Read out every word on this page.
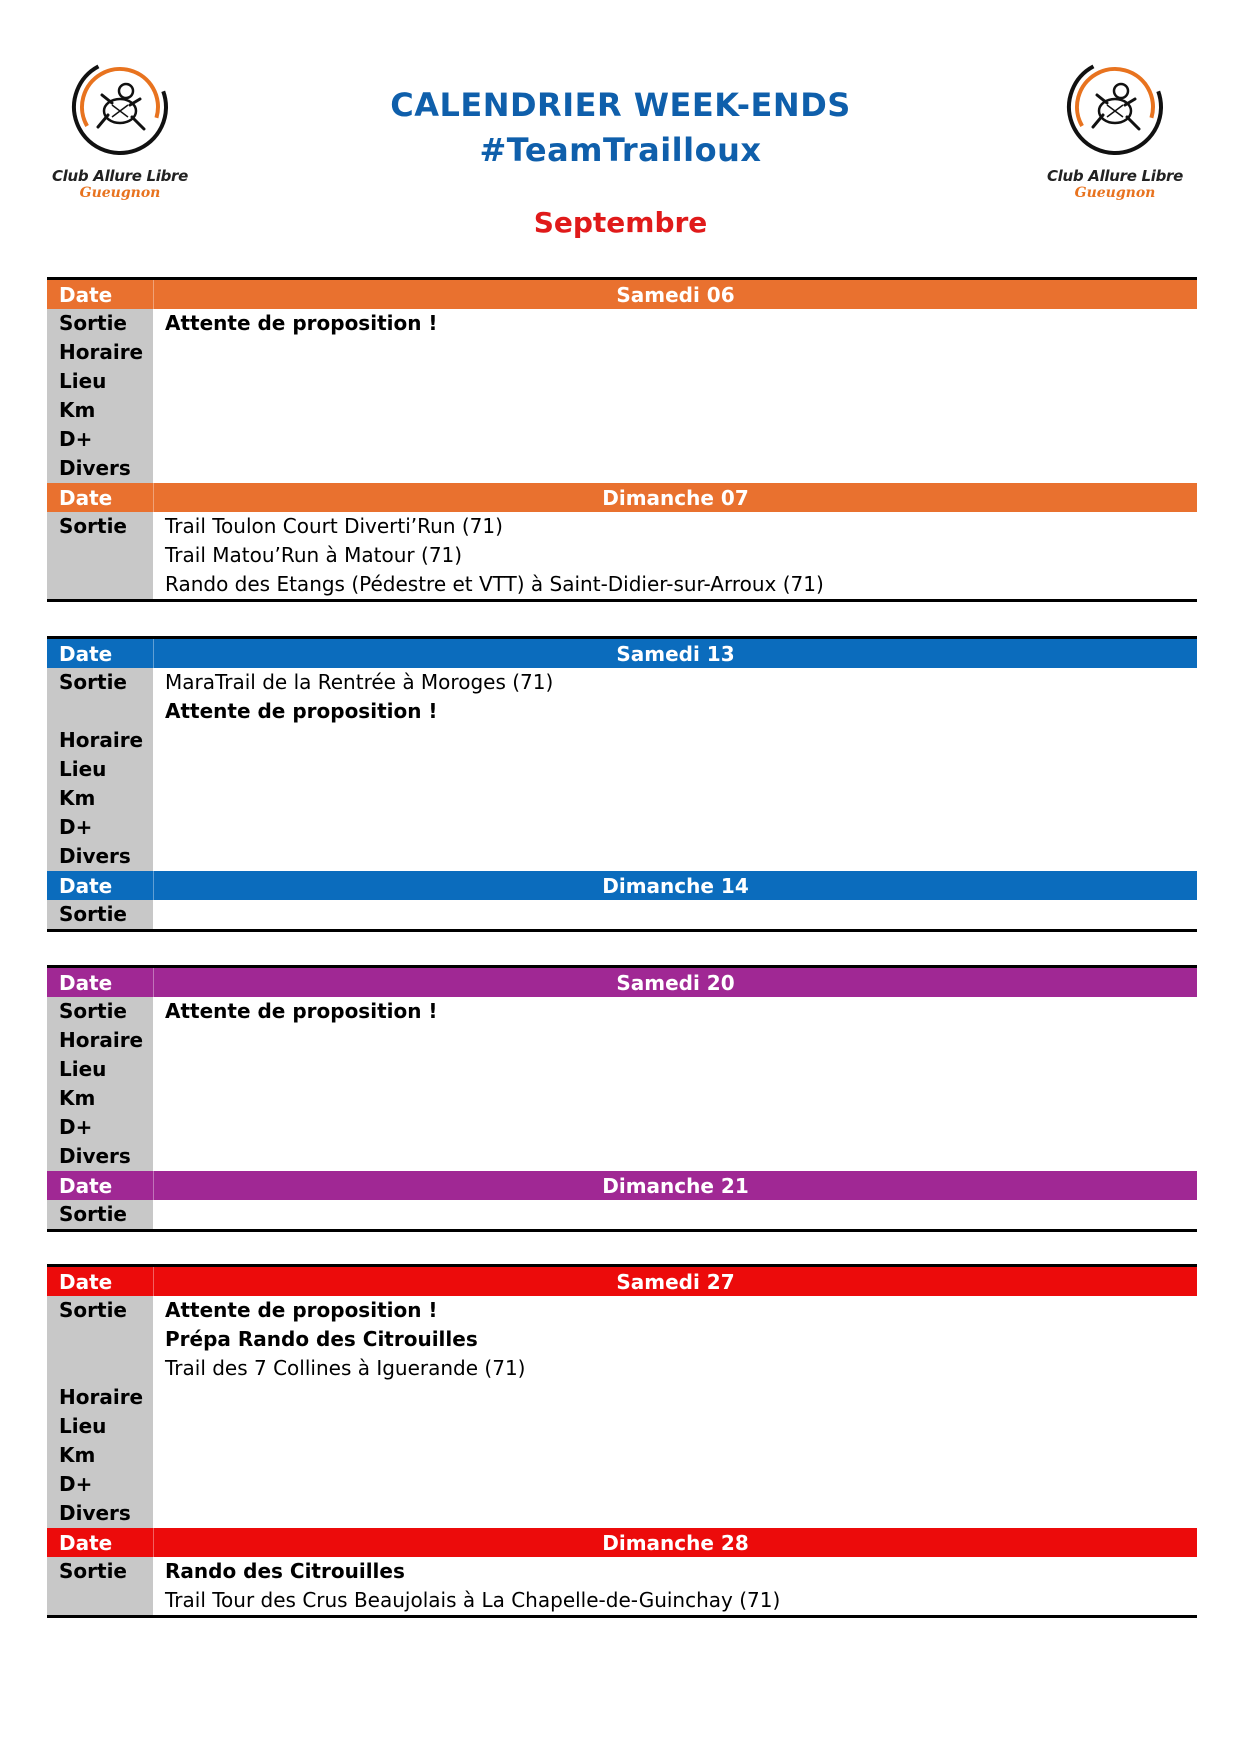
Club Allure Libre
Gueugnon
Club Allure Libre
Gueugnon
CALENDRIER WEEK-ENDS
#TeamTrailloux
Septembre
Date	Samedi 06
Sortie	Attente de proposition !
Horaire
Lieu
Km
D+
Divers
Date	Dimanche 07
Sortie	Trail Toulon Court Diverti’Run (71)
Trail Matou’Run à Matour (71)
Rando des Etangs (Pédestre et VTT) à Saint-Didier-sur-Arroux (71)
Date	Samedi 13
Sortie	MaraTrail de la Rentrée à Moroges (71)
Attente de proposition !
Horaire
Lieu
Km
D+
Divers
Date	Dimanche 14
Sortie
Date	Samedi 20
Sortie	Attente de proposition !
Horaire
Lieu
Km
D+
Divers
Date	Dimanche 21
Sortie
Date	Samedi 27
Sortie	Attente de proposition !
Prépa Rando des Citrouilles
Trail des 7 Collines à Iguerande (71)
Horaire
Lieu
Km
D+
Divers
Date	Dimanche 28
Sortie	Rando des Citrouilles
Trail Tour des Crus Beaujolais à La Chapelle-de-Guinchay (71)
